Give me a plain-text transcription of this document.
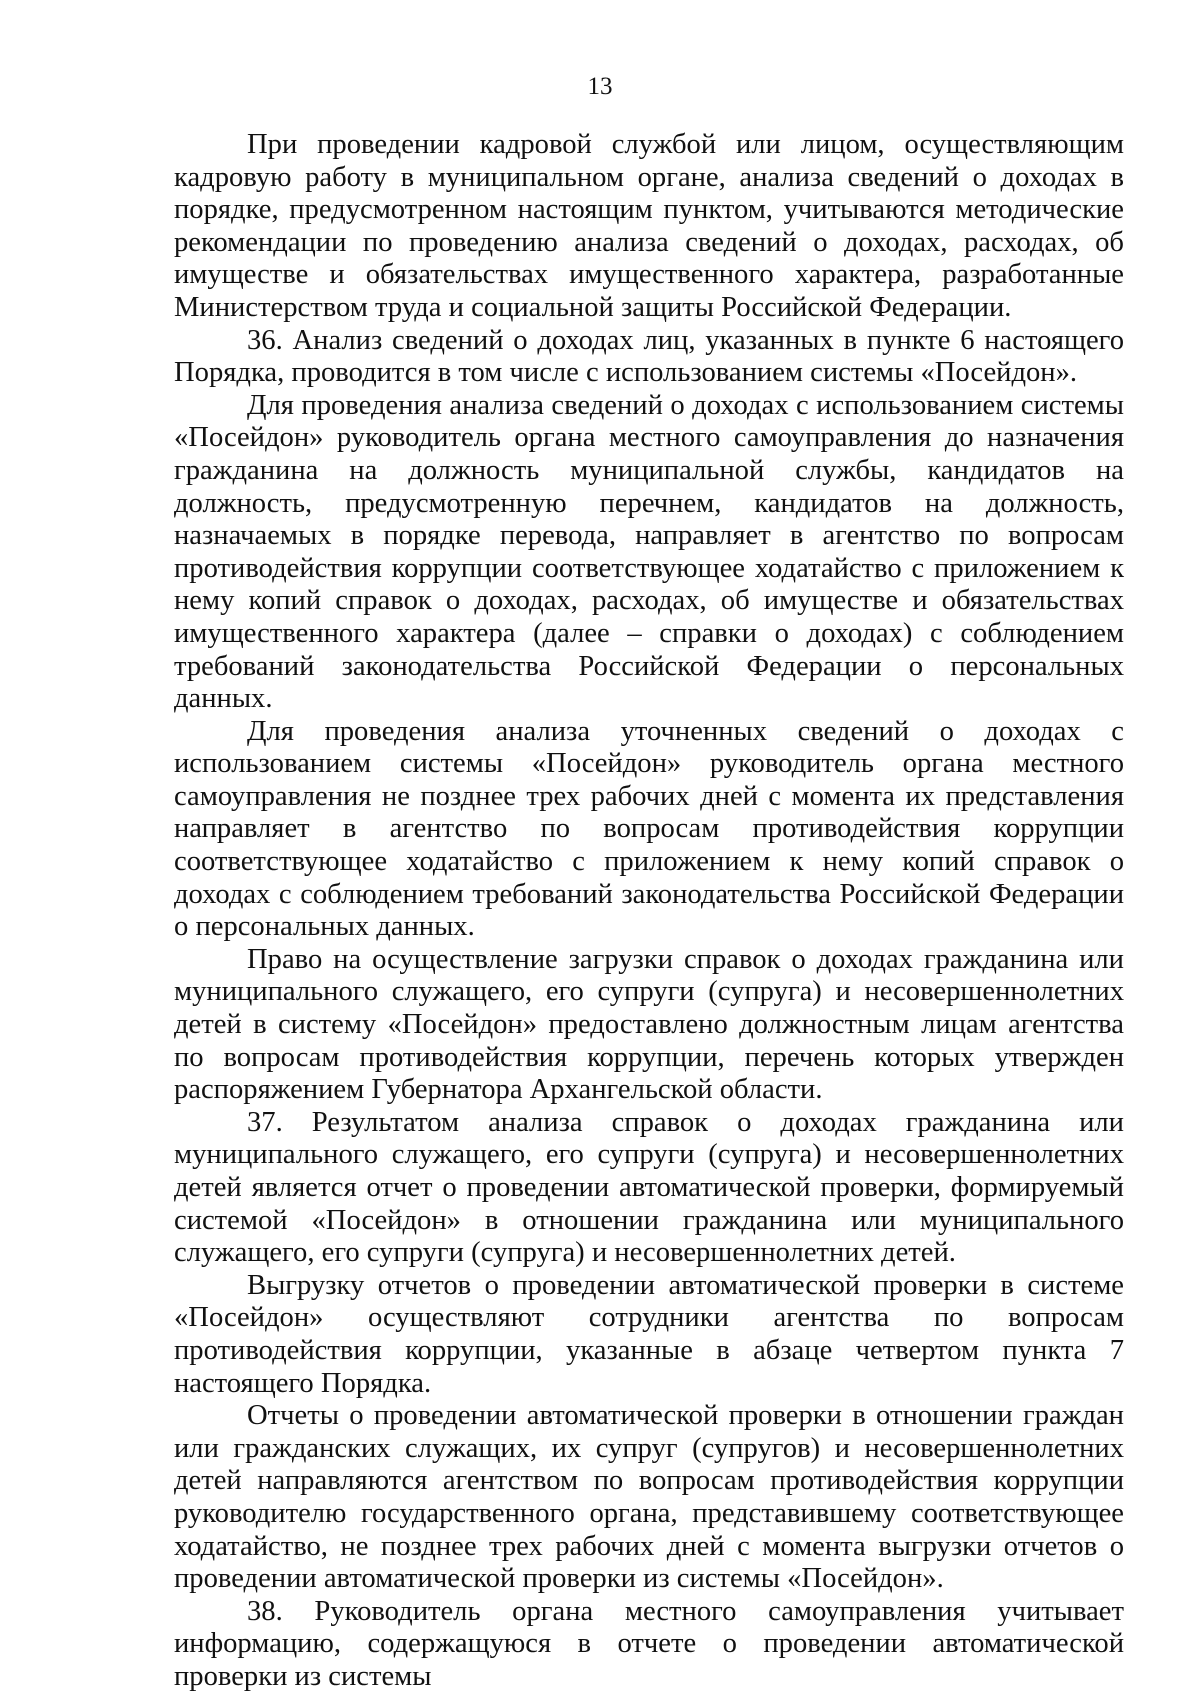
13

При проведении кадровой службой или лицом, осуществляющим кадровую работу в муниципальном органе, анализа сведений о доходах в порядке, предусмотренном настоящим пунктом, учитываются методические рекомендации по проведению анализа сведений о доходах, расходах, об имуществе и обязательствах имущественного характера, разработанные Министерством труда и социальной защиты Российской Федерации.

36. Анализ сведений о доходах лиц, указанных в пункте 6 настоящего Порядка, проводится в том числе с использованием системы «Посейдон».

Для проведения анализа сведений о доходах с использованием системы «Посейдон» руководитель органа местного самоуправления до назначения гражданина на должность муниципальной службы, кандидатов на должность, предусмотренную перечнем, кандидатов на должность, назначаемых в порядке перевода, направляет в агентство по вопросам противодействия коррупции соответствующее ходатайство с приложением к нему копий справок о доходах, расходах, об имуществе и обязательствах имущественного характера (далее – справки о доходах) с соблюдением требований законодательства Российской Федерации о персональных данных.

Для проведения анализа уточненных сведений о доходах с использованием системы «Посейдон» руководитель органа местного самоуправления не позднее трех рабочих дней с момента их представления направляет в агентство по вопросам противодействия коррупции соответствующее ходатайство с приложением к нему копий справок о доходах с соблюдением требований законодательства Российской Федерации о персональных данных.

Право на осуществление загрузки справок о доходах гражданина или муниципального служащего, его супруги (супруга) и несовершеннолетних детей в систему «Посейдон» предоставлено должностным лицам агентства по вопросам противодействия коррупции, перечень которых утвержден распоряжением Губернатора Архангельской области.

37. Результатом анализа справок о доходах гражданина или муниципального служащего, его супруги (супруга) и несовершеннолетних детей является отчет о проведении автоматической проверки, формируемый системой «Посейдон» в отношении гражданина или муниципального служащего, его супруги (супруга) и несовершеннолетних детей.

Выгрузку отчетов о проведении автоматической проверки в системе «Посейдон» осуществляют сотрудники агентства по вопросам противодействия коррупции, указанные в абзаце четвертом пункта 7 настоящего Порядка.

Отчеты о проведении автоматической проверки в отношении граждан или гражданских служащих, их супруг (супругов) и несовершеннолетних детей направляются агентством по вопросам противодействия коррупции руководителю государственного органа, представившему соответствующее ходатайство, не позднее трех рабочих дней с момента выгрузки отчетов о проведении автоматической проверки из системы «Посейдон».

38. Руководитель органа местного самоуправления учитывает информацию, содержащуюся в отчете о проведении автоматической проверки из системы
